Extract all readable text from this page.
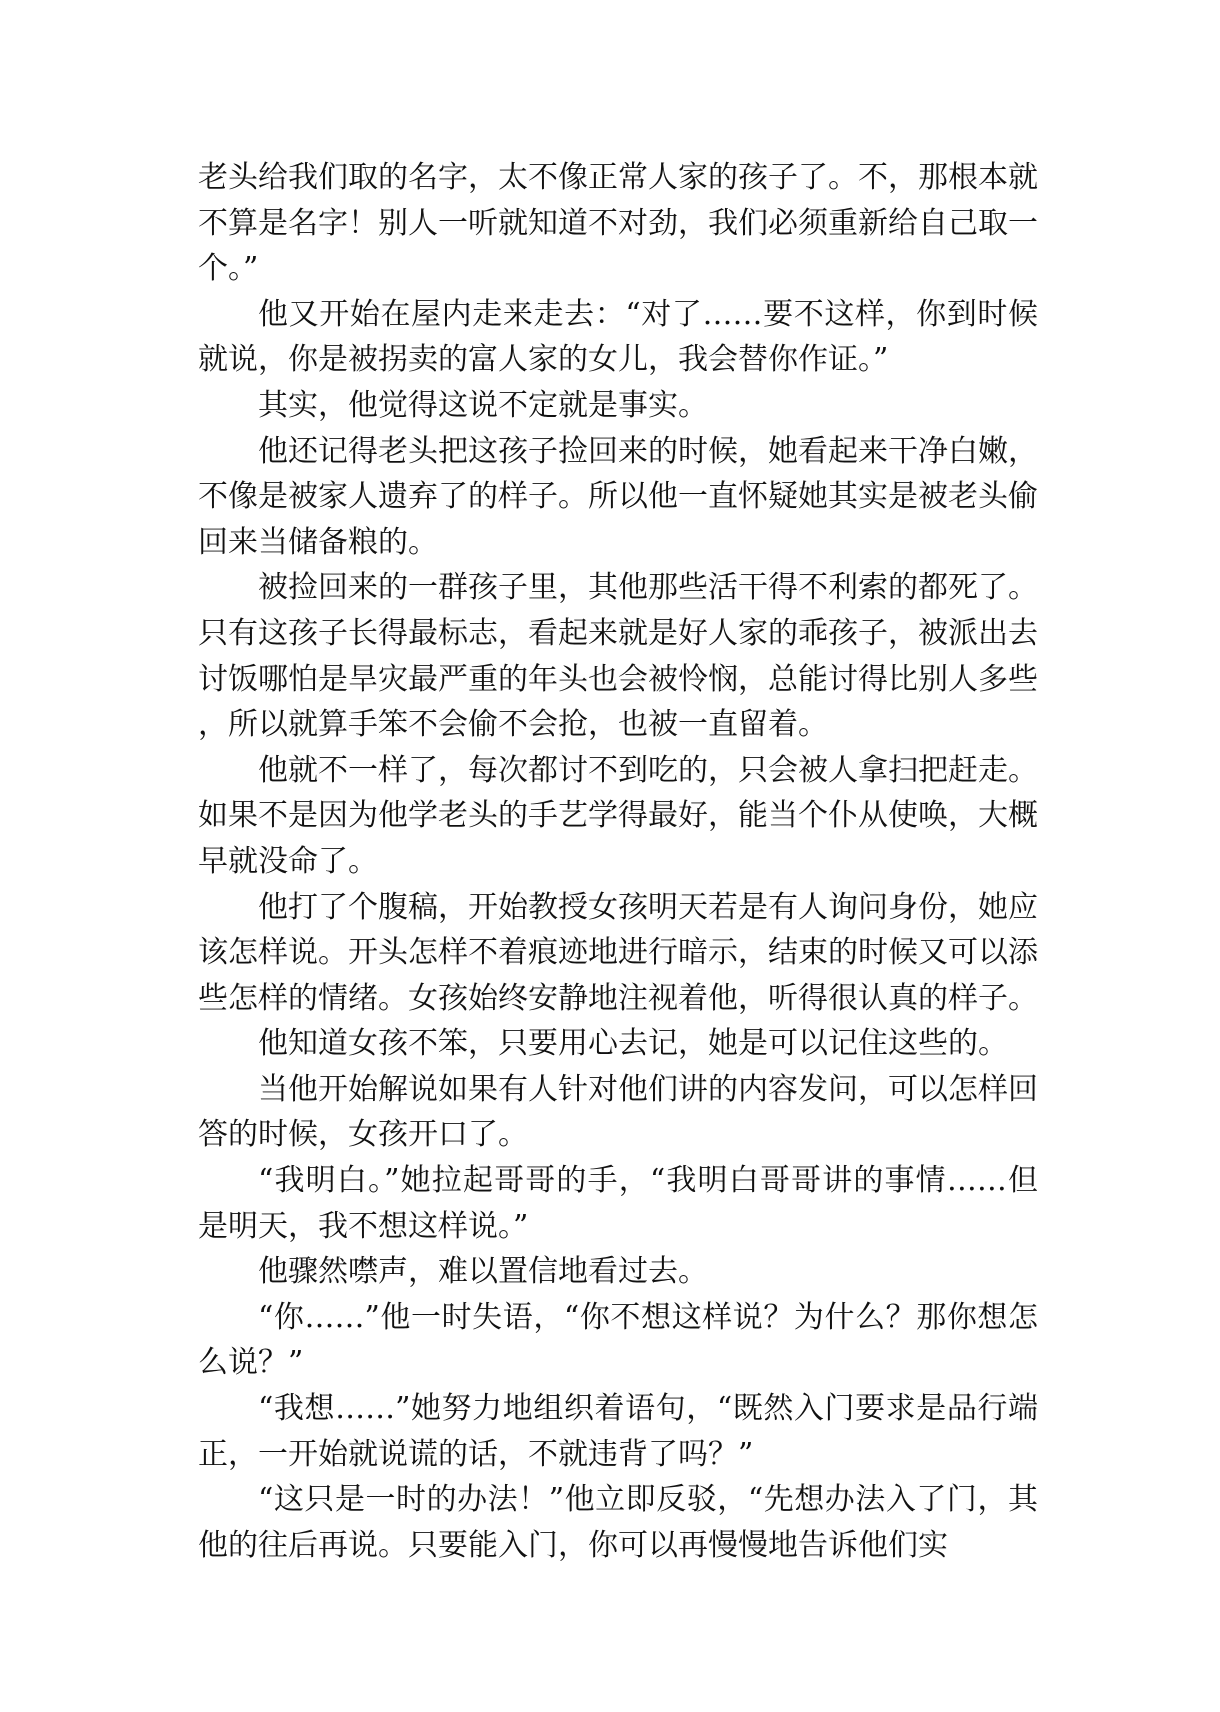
老头给我们取的名字，太不像正常人家的孩子了。不，那根本就不算是名字！别人一听就知道不对劲，我们必须重新给自己取一个。”

他又开始在屋内走来走去：“对了……要不这样，你到时候就说，你是被拐卖的富人家的女儿，我会替你作证。”

其实，他觉得这说不定就是事实。

他还记得老头把这孩子捡回来的时候，她看起来干净白嫩，不像是被家人遗弃了的样子。所以他一直怀疑她其实是被老头偷回来当储备粮的。

被捡回来的一群孩子里，其他那些活干得不利索的都死了。只有这孩子长得最标志，看起来就是好人家的乖孩子，被派出去讨饭哪怕是旱灾最严重的年头也会被怜悯，总能讨得比别人多些，所以就算手笨不会偷不会抢，也被一直留着。

他就不一样了，每次都讨不到吃的，只会被人拿扫把赶走。如果不是因为他学老头的手艺学得最好，能当个仆从使唤，大概早就没命了。

他打了个腹稿，开始教授女孩明天若是有人询问身份，她应该怎样说。开头怎样不着痕迹地进行暗示，结束的时候又可以添些怎样的情绪。女孩始终安静地注视着他，听得很认真的样子。

他知道女孩不笨，只要用心去记，她是可以记住这些的。

当他开始解说如果有人针对他们讲的内容发问，可以怎样回答的时候，女孩开口了。

“我明白。”她拉起哥哥的手，“我明白哥哥讲的事情……但是明天，我不想这样说。”

他骤然噤声，难以置信地看过去。

“你……”他一时失语，“你不想这样说？为什么？那你想怎么说？”

“我想……”她努力地组织着语句，“既然入门要求是品行端正，一开始就说谎的话，不就违背了吗？”

“这只是一时的办法！”他立即反驳，“先想办法入了门，其他的往后再说。只要能入门，你可以再慢慢地告诉他们实
